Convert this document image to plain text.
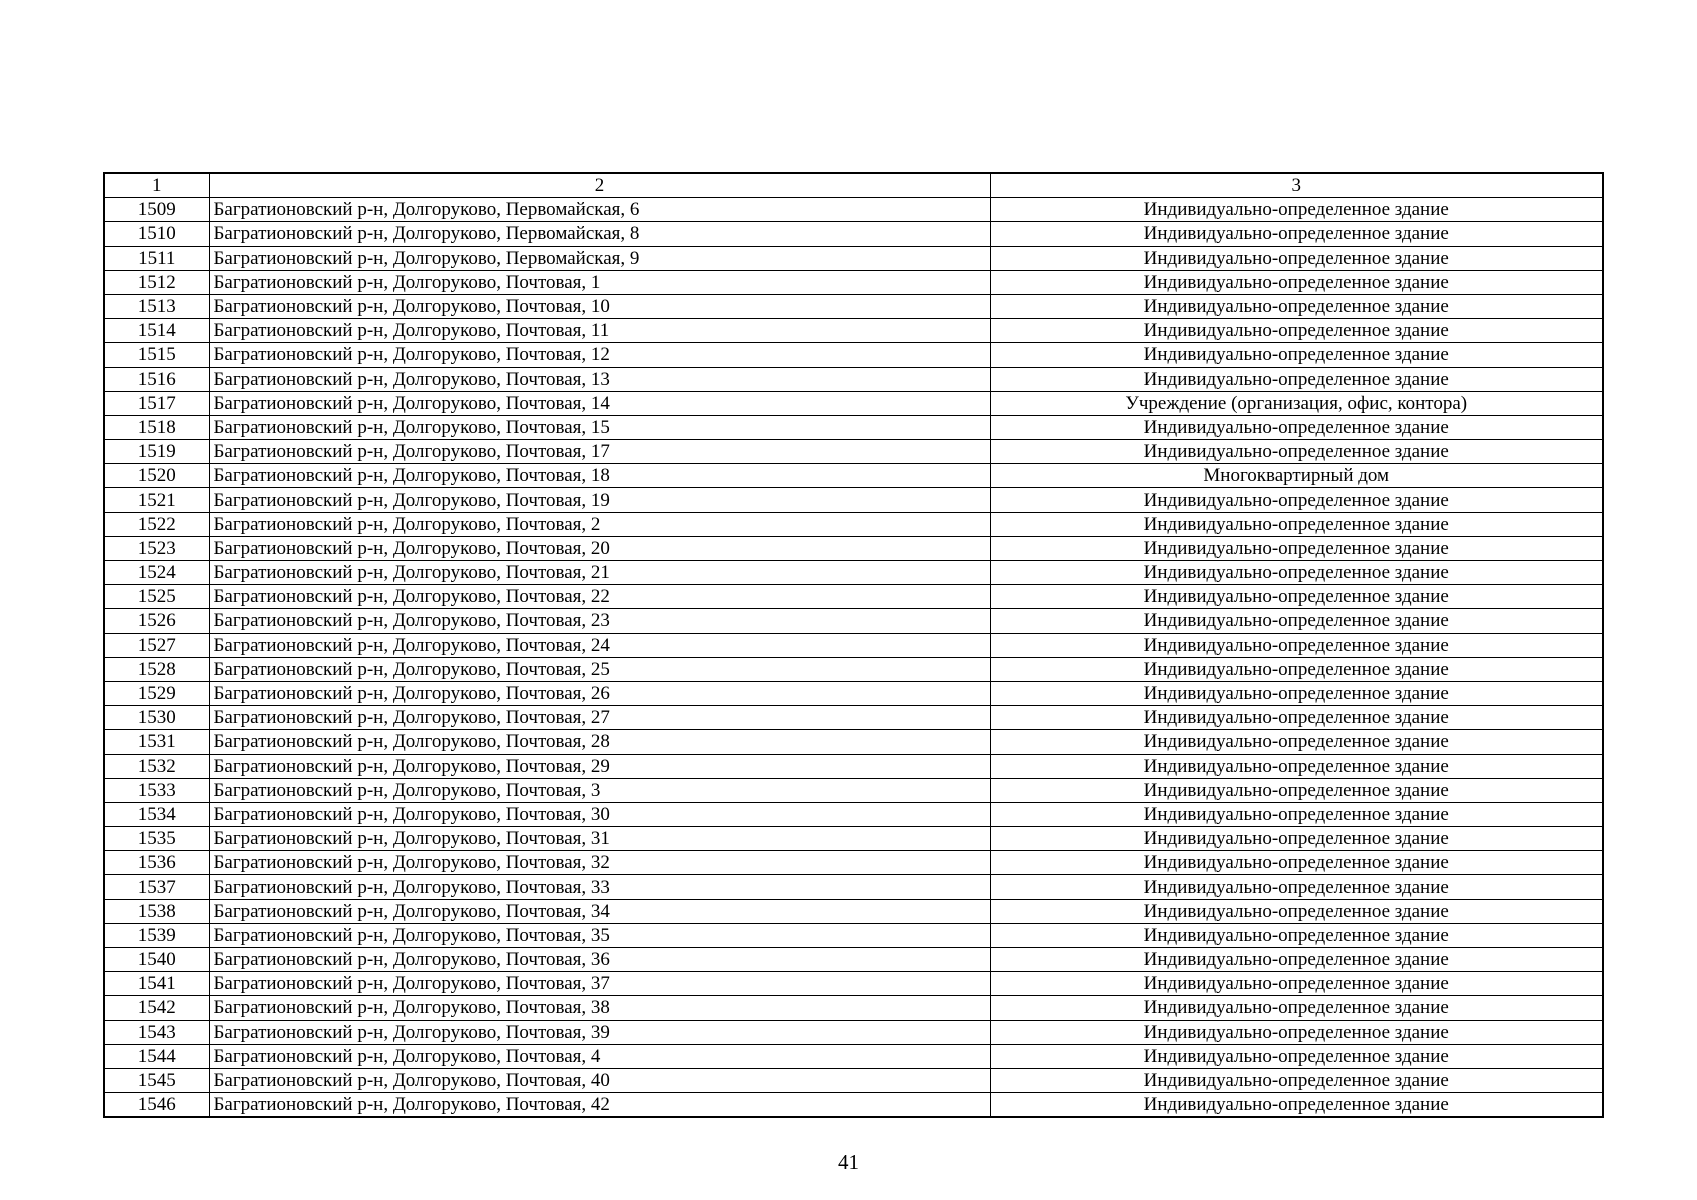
1	2	3
1509	Багратионовский р-н, Долгоруково, Первомайская, 6	Индивидуально-определенное здание
1510	Багратионовский р-н, Долгоруково, Первомайская, 8	Индивидуально-определенное здание
1511	Багратионовский р-н, Долгоруково, Первомайская, 9	Индивидуально-определенное здание
1512	Багратионовский р-н, Долгоруково, Почтовая, 1	Индивидуально-определенное здание
1513	Багратионовский р-н, Долгоруково, Почтовая, 10	Индивидуально-определенное здание
1514	Багратионовский р-н, Долгоруково, Почтовая, 11	Индивидуально-определенное здание
1515	Багратионовский р-н, Долгоруково, Почтовая, 12	Индивидуально-определенное здание
1516	Багратионовский р-н, Долгоруково, Почтовая, 13	Индивидуально-определенное здание
1517	Багратионовский р-н, Долгоруково, Почтовая, 14	Учреждение (организация, офис, контора)
1518	Багратионовский р-н, Долгоруково, Почтовая, 15	Индивидуально-определенное здание
1519	Багратионовский р-н, Долгоруково, Почтовая, 17	Индивидуально-определенное здание
1520	Багратионовский р-н, Долгоруково, Почтовая, 18	Многоквартирный дом
1521	Багратионовский р-н, Долгоруково, Почтовая, 19	Индивидуально-определенное здание
1522	Багратионовский р-н, Долгоруково, Почтовая, 2	Индивидуально-определенное здание
1523	Багратионовский р-н, Долгоруково, Почтовая, 20	Индивидуально-определенное здание
1524	Багратионовский р-н, Долгоруково, Почтовая, 21	Индивидуально-определенное здание
1525	Багратионовский р-н, Долгоруково, Почтовая, 22	Индивидуально-определенное здание
1526	Багратионовский р-н, Долгоруково, Почтовая, 23	Индивидуально-определенное здание
1527	Багратионовский р-н, Долгоруково, Почтовая, 24	Индивидуально-определенное здание
1528	Багратионовский р-н, Долгоруково, Почтовая, 25	Индивидуально-определенное здание
1529	Багратионовский р-н, Долгоруково, Почтовая, 26	Индивидуально-определенное здание
1530	Багратионовский р-н, Долгоруково, Почтовая, 27	Индивидуально-определенное здание
1531	Багратионовский р-н, Долгоруково, Почтовая, 28	Индивидуально-определенное здание
1532	Багратионовский р-н, Долгоруково, Почтовая, 29	Индивидуально-определенное здание
1533	Багратионовский р-н, Долгоруково, Почтовая, 3	Индивидуально-определенное здание
1534	Багратионовский р-н, Долгоруково, Почтовая, 30	Индивидуально-определенное здание
1535	Багратионовский р-н, Долгоруково, Почтовая, 31	Индивидуально-определенное здание
1536	Багратионовский р-н, Долгоруково, Почтовая, 32	Индивидуально-определенное здание
1537	Багратионовский р-н, Долгоруково, Почтовая, 33	Индивидуально-определенное здание
1538	Багратионовский р-н, Долгоруково, Почтовая, 34	Индивидуально-определенное здание
1539	Багратионовский р-н, Долгоруково, Почтовая, 35	Индивидуально-определенное здание
1540	Багратионовский р-н, Долгоруково, Почтовая, 36	Индивидуально-определенное здание
1541	Багратионовский р-н, Долгоруково, Почтовая, 37	Индивидуально-определенное здание
1542	Багратионовский р-н, Долгоруково, Почтовая, 38	Индивидуально-определенное здание
1543	Багратионовский р-н, Долгоруково, Почтовая, 39	Индивидуально-определенное здание
1544	Багратионовский р-н, Долгоруково, Почтовая, 4	Индивидуально-определенное здание
1545	Багратионовский р-н, Долгоруково, Почтовая, 40	Индивидуально-определенное здание
1546	Багратионовский р-н, Долгоруково, Почтовая, 42	Индивидуально-определенное здание
41
